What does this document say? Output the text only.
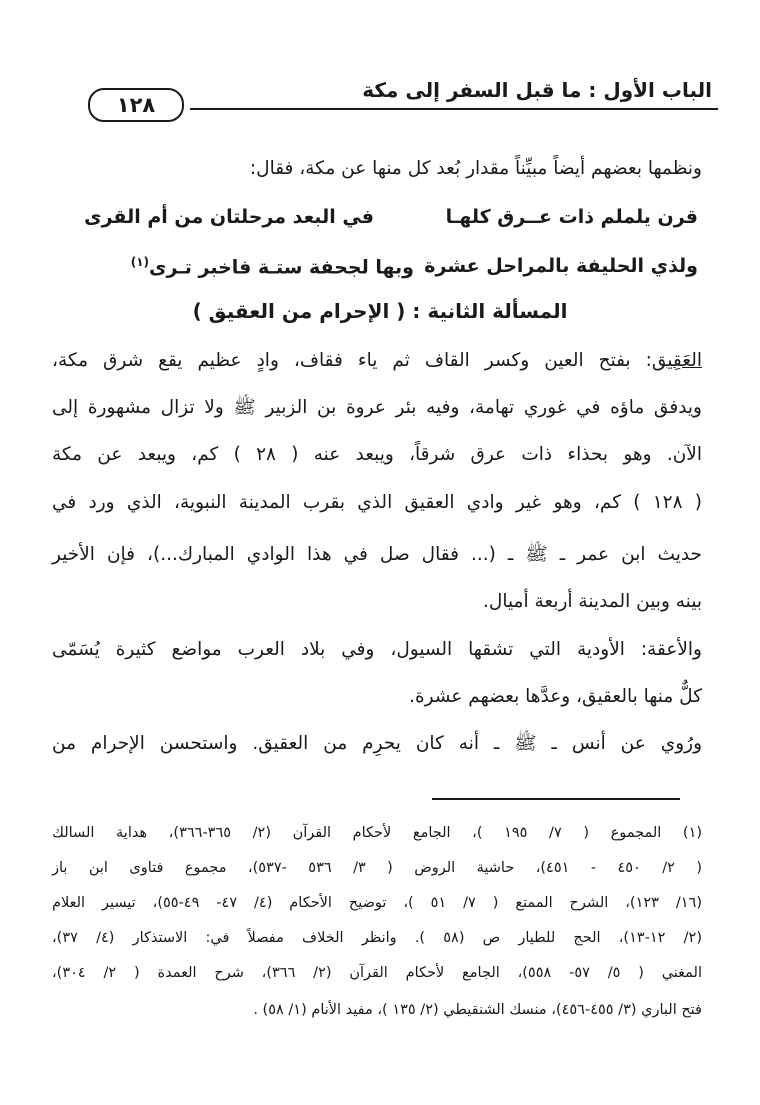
الباب الأول : ما قبل السفر إلى مكة
١٢٨
ونظمها بعضهم أيضاً مبيِّناً مقدار بُعد كل منها عن مكة، فقال:
قرن يلملم ذات عــرق كلهـا
في البعد مرحلتان من أم القرى
ولذي الحليفة بالمراحل عشرة
وبها لجحفة ستـة فاخبر تـرى$^{(١)}$
المسألة الثانية : ( الإحرام من العقيق )
العَقِيق: بفتح العين وكسر القاف ثم ياء فقاف، وادٍ عظيم يقع شرق مكة،
ويدفق ماؤه في غوري تهامة، وفيه بئر عروة بن الزبير ﷺ ولا تزال مشهورة إلى
الآن. وهو بحذاء ذات عرق شرقاً، ويبعد عنه ( ٢٨ ) كم، ويبعد عن مكة
( ١٢٨ ) كم، وهو غير وادي العقيق الذي بقرب المدينة النبوية، الذي ورد في
حديث ابن عمر ـ ﷺ ـ (... فقال صل في هذا الوادي المبارك...)، فإن الأخير
بينه وبين المدينة أربعة أميال.
والأعقة: الأودية التي تشقها السيول، وفي بلاد العرب مواضع كثيرة يُسَمّى
كلٌّ منها بالعقيق، وعدَّها بعضهم عشرة.
ورُوي عن أنس ـ ﷺ ـ أنه كان يحرِم من العقيق. واستحسن الإحرام من
(١) المجموع ( ٧/ ١٩٥ )، الجامع لأحكام القرآن (٢/ ٣٦٥-٣٦٦)، هداية السالك
( ٢/ ٤٥٠ - ٤٥١)، حاشية الروض ( ٣/ ٥٣٦ -٥٣٧)، مجموع فتاوى ابن باز
(١٦/ ١٢٣)، الشرح الممتع ( ٧/ ٥١ )، توضيح الأحكام (٤/ ٤٧- ٤٩-٥٥)، تيسير العلام
(٢/ ١٢-١٣)، الحج للطيار ص (٥٨ ). وانظر الخلاف مفصلاً في: الاستذكار (٤/ ٣٧)،
المغني ( ٥/ ٥٧- ٥٥٨)، الجامع لأحكام القرآن (٢/ ٣٦٦)، شرح العمدة ( ٢/ ٣٠٤)،
فتح الباري (٣/ ٤٥٥-٤٥٦)، منسك الشنقيطي (٢/ ١٣٥ )، مفيد الأنام (١/ ٥٨) .
